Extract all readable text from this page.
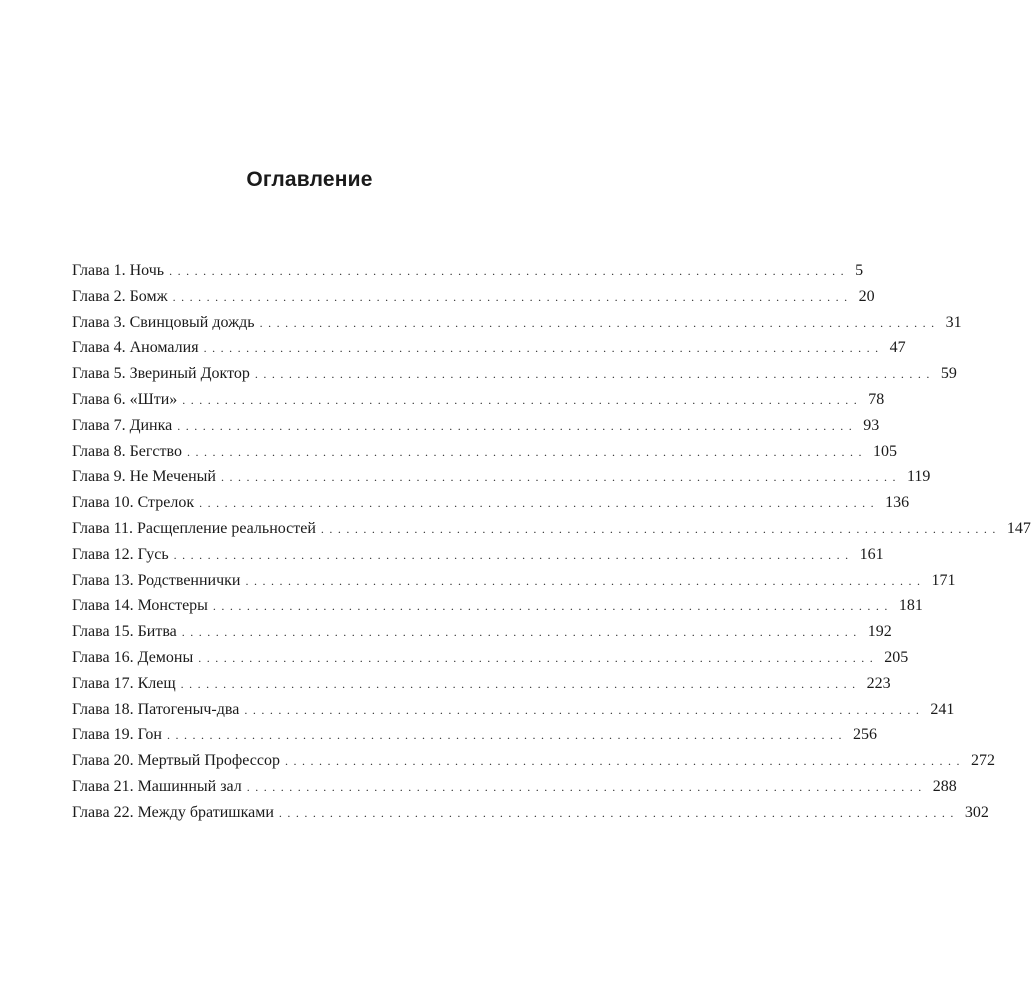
Оглавление
Глава 1. Ночь ................................................................................ 5
Глава 2. Бомж ................................................................................ 20
Глава 3. Свинцовый дождь ................................................................................ 31
Глава 4. Аномалия ................................................................................ 47
Глава 5. Звериный Доктор ................................................................................ 59
Глава 6. «Шти» ................................................................................ 78
Глава 7. Динка ................................................................................ 93
Глава 8. Бегство ................................................................................ 105
Глава 9. Не Меченый ................................................................................ 119
Глава 10. Стрелок ................................................................................ 136
Глава 11. Расщепление реальностей ................................................................................ 147
Глава 12. Гусь ................................................................................ 161
Глава 13. Родственнички ................................................................................ 171
Глава 14. Монстеры ................................................................................ 181
Глава 15. Битва ................................................................................ 192
Глава 16. Демоны ................................................................................ 205
Глава 17. Клещ ................................................................................ 223
Глава 18. Патогеныч-два ................................................................................ 241
Глава 19. Гон ................................................................................ 256
Глава 20. Мертвый Профессор ................................................................................ 272
Глава 21. Машинный зал ................................................................................ 288
Глава 22. Между братишками ................................................................................ 302
